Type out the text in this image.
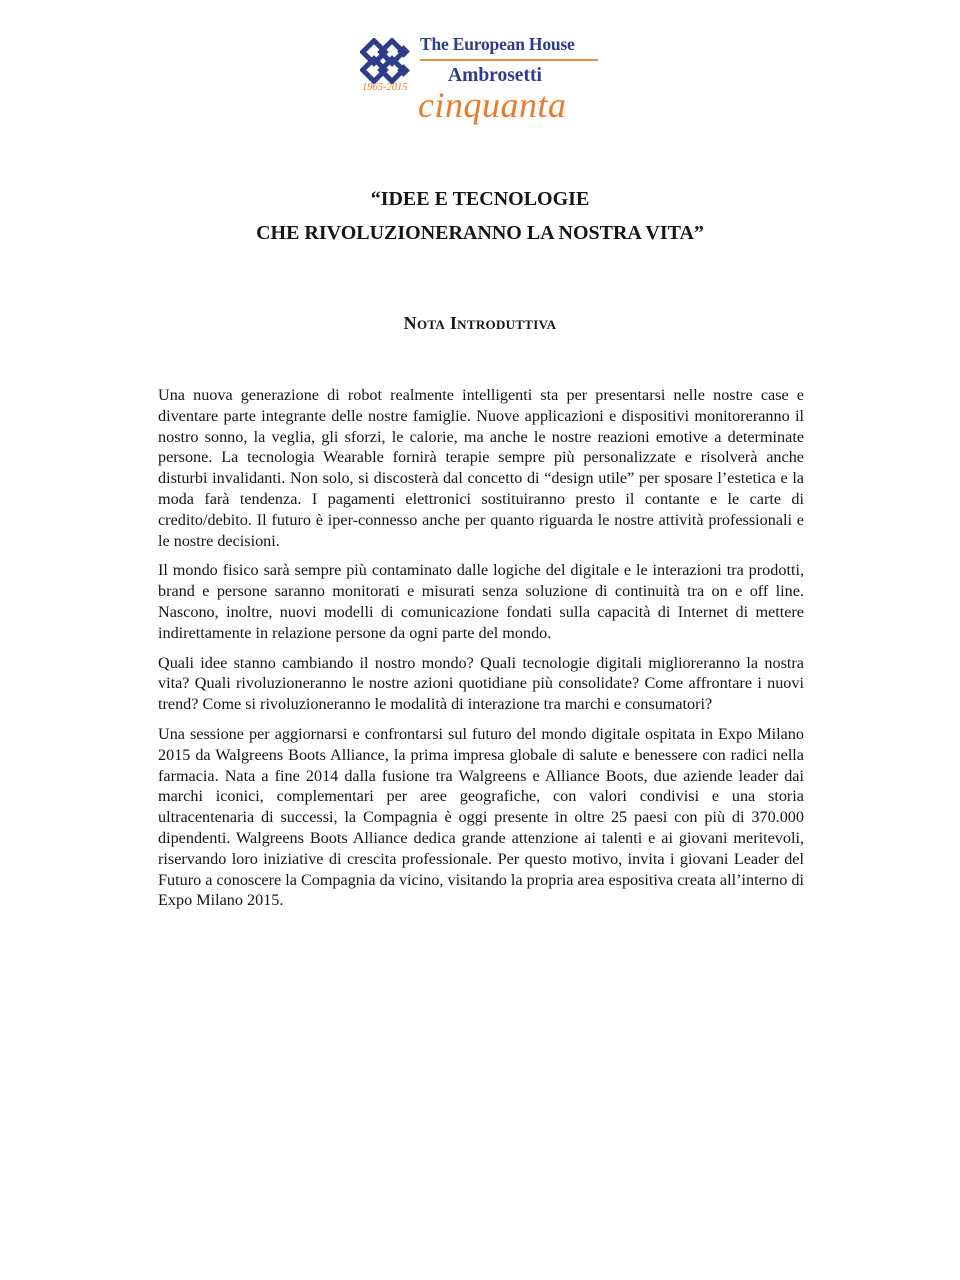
The European House
Ambrosetti
1965-2015 cinquanta
“IDEE E TECNOLOGIE
CHE RIVOLUZIONERANNO LA NOSTRA VITA”
Nota Introduttiva

Una nuova generazione di robot realmente intelligenti sta per presentarsi nelle nostre case e diventare parte integrante delle nostre famiglie. Nuove applicazioni e dispositivi monitoreranno il nostro sonno, la veglia, gli sforzi, le calorie, ma anche le nostre reazioni emotive a determinate persone. La tecnologia Wearable fornirà terapie sempre più personalizzate e risolverà anche disturbi invalidanti. Non solo, si discosterà dal concetto di “design utile” per sposare l’estetica e la moda farà tendenza. I pagamenti elettronici sostituiranno presto il contante e le carte di credito/debito. Il futuro è iper-connesso anche per quanto riguarda le nostre attività professionali e le nostre decisioni.

Il mondo fisico sarà sempre più contaminato dalle logiche del digitale e le interazioni tra prodotti, brand e persone saranno monitorati e misurati senza soluzione di continuità tra on e off line. Nascono, inoltre, nuovi modelli di comunicazione fondati sulla capacità di Internet di mettere indirettamente in relazione persone da ogni parte del mondo.

Quali idee stanno cambiando il nostro mondo? Quali tecnologie digitali miglioreranno la nostra vita? Quali rivoluzioneranno le nostre azioni quotidiane più consolidate? Come affrontare i nuovi trend? Come si rivoluzioneranno le modalità di interazione tra marchi e consumatori?

Una sessione per aggiornarsi e confrontarsi sul futuro del mondo digitale ospitata in Expo Milano 2015 da Walgreens Boots Alliance, la prima impresa globale di salute e benessere con radici nella farmacia. Nata a fine 2014 dalla fusione tra Walgreens e Alliance Boots, due aziende leader dai marchi iconici, complementari per aree geografiche, con valori condivisi e una storia ultracentenaria di successi, la Compagnia è oggi presente in oltre 25 paesi con più di 370.000 dipendenti. Walgreens Boots Alliance dedica grande attenzione ai talenti e ai giovani meritevoli, riservando loro iniziative di crescita professionale. Per questo motivo, invita i giovani Leader del Futuro a conoscere la Compagnia da vicino, visitando la propria area espositiva creata all’interno di Expo Milano 2015.
